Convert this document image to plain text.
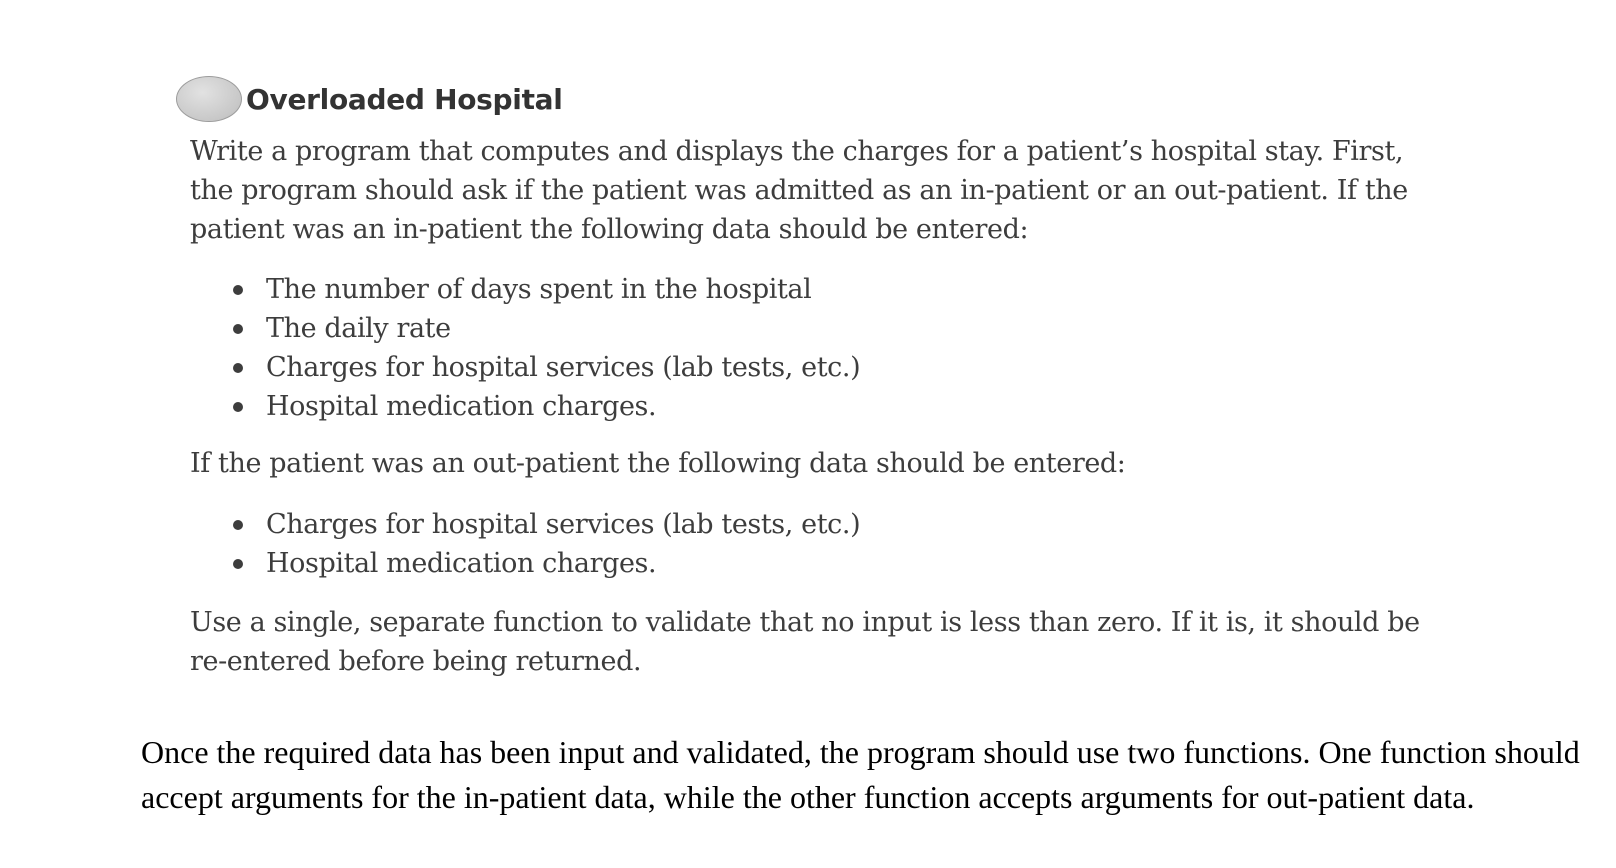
Overloaded Hospital

Write a program that computes and displays the charges for a patient’s hospital stay. First, the program should ask if the patient was admitted as an in-patient or an out-patient. If the patient was an in-patient the following data should be entered:

The number of days spent in the hospital
The daily rate
Charges for hospital services (lab tests, etc.)
Hospital medication charges.

If the patient was an out-patient the following data should be entered:

Charges for hospital services (lab tests, etc.)
Hospital medication charges.

Use a single, separate function to validate that no input is less than zero. If it is, it should be re-entered before being returned.

Once the required data has been input and validated, the program should use two functions. One function should accept arguments for the in-patient data, while the other function accepts arguments for out-patient data.
